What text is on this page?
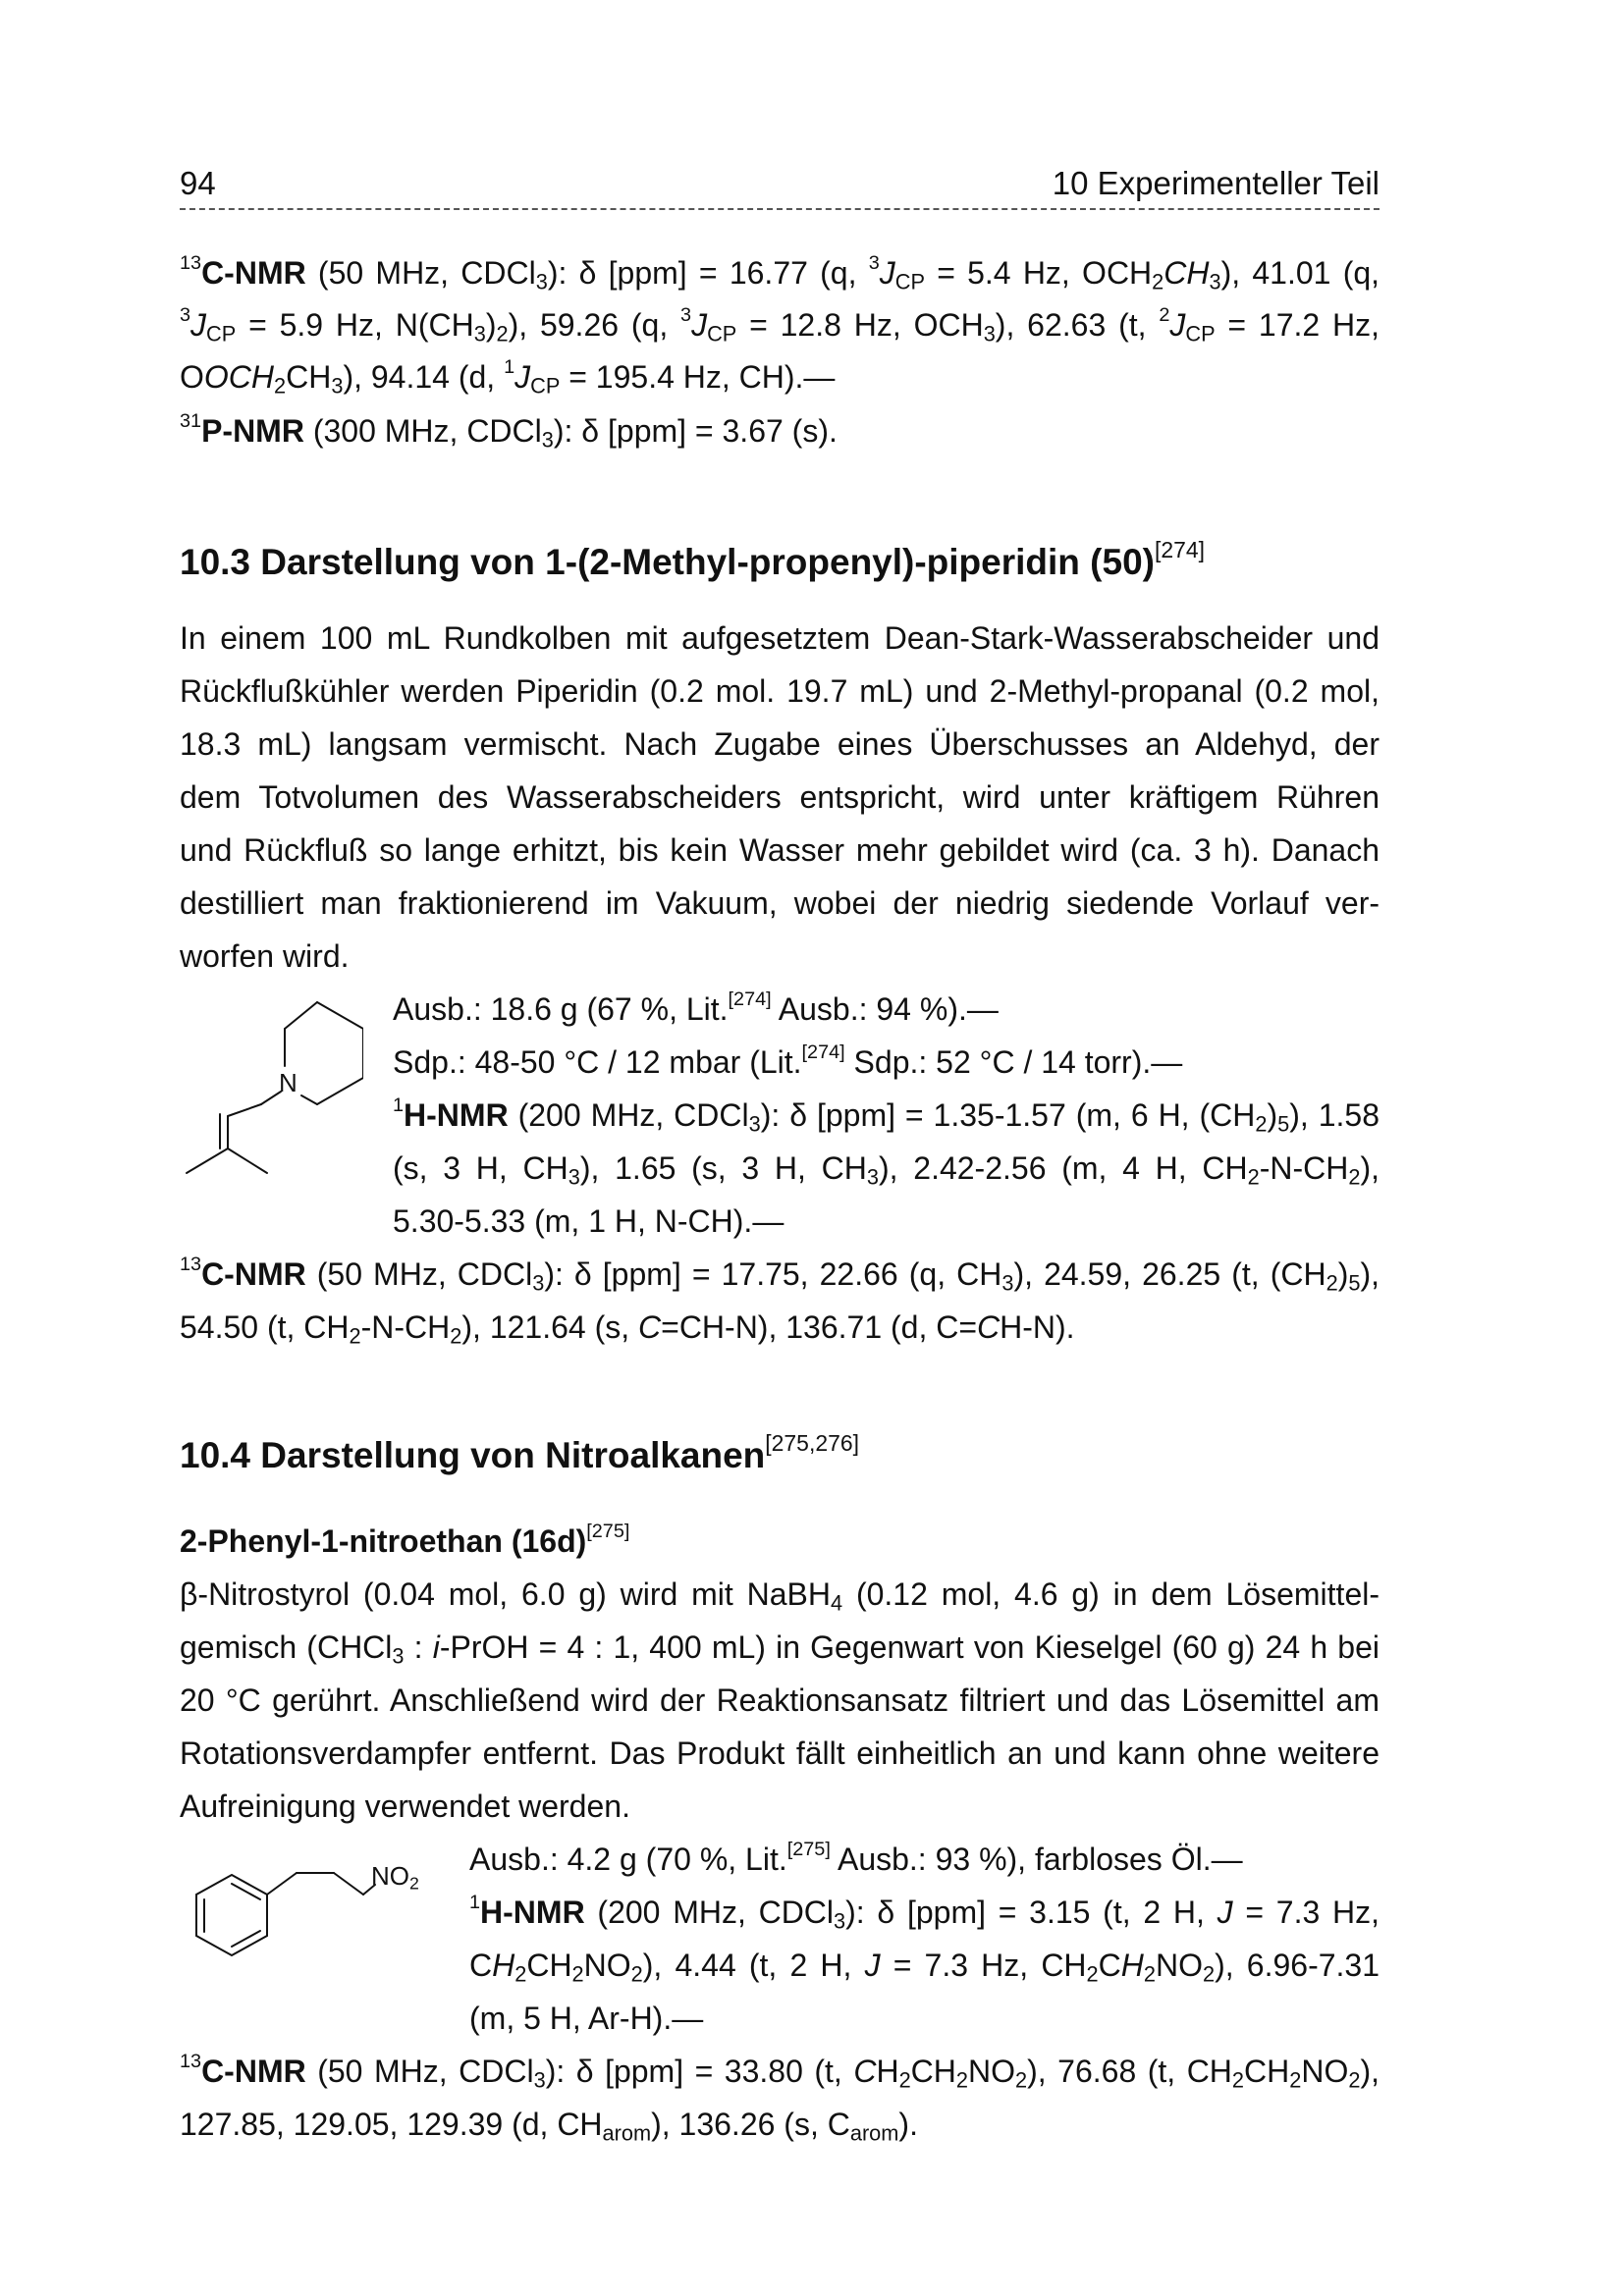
94	10 Experimenteller Teil
$^{13}$C-NMR (50 MHz, CDCl$_3$): δ [ppm] = 16.77 (q, $^3J_{CP} = 5.4$ Hz, $OCH_2CH_3$), 41.01 (q,
$^3J_{CP} = 5.9$ Hz, $N(CH_3)_2$), 59.26 (q, $^3J_{CP} = 12.8$ Hz, $OCH_3$), 62.63 (t, $^2J_{CP} = 17.2$ Hz,
$OOCH_2CH_3$), 94.14 (d, $^1J_{CP} = 195.4$ Hz, CH).—
$^{31}$P-NMR (300 MHz, CDCl$_3$): δ [ppm] = 3.67 (s).
10.3 Darstellung von 1-(2-Methyl-propenyl)-piperidin (50)[274]
In einem 100 mL Rundkolben mit aufgesetztem Dean-Stark-Wasserabscheider und
Rückflußkühler werden Piperidin (0.2 mol. 19.7 mL) und 2-Methyl-propanal (0.2 mol,
18.3 mL) langsam vermischt. Nach Zugabe eines Überschusses an Aldehyd, der
dem Totvolumen des Wasserabscheiders entspricht, wird unter kräftigem Rühren
und Rückfluß so lange erhitzt, bis kein Wasser mehr gebildet wird (ca. 3 h). Danach
destilliert man fraktionierend im Vakuum, wobei der niedrig siedende Vorlauf ver-
worfen wird.
N
Ausb.: 18.6 g (67 %, Lit.[274] Ausb.: 94 %).—
Sdp.: 48-50 °C / 12 mbar (Lit.[274] Sdp.: 52 °C / 14 torr).—
$^1$H-NMR (200 MHz, CDCl$_3$): δ [ppm] = 1.35-1.57 (m, 6 H, $(CH_2)_5$), 1.58
(s, 3 H, $CH_3$), 1.65 (s, 3 H, $CH_3$), 2.42-2.56 (m, 4 H, $CH_2-N-CH_2$),
5.30-5.33 (m, 1 H, N-CH).—
$^{13}$C-NMR (50 MHz, CDCl$_3$): δ [ppm] = 17.75, 22.66 (q, $CH_3$), 24.59, 26.25 (t, $(CH_2)_5$),
54.50 (t, $CH_2-N-CH_2$), 121.64 (s, C=CH-N), 136.71 (d, C=CH-N).
10.4 Darstellung von Nitroalkanen[275,276]
2-Phenyl-1-nitroethan (16d)[275]
β-Nitrostyrol (0.04 mol, 6.0 g) wird mit NaBH$_4$ (0.12 mol, 4.6 g) in dem Lösemittel-
gemisch (CHCl$_3$ : i-PrOH = 4 : 1, 400 mL) in Gegenwart von Kieselgel (60 g) 24 h bei
20 °C gerührt. Anschließend wird der Reaktionsansatz filtriert und das Lösemittel am
Rotationsverdampfer entfernt. Das Produkt fällt einheitlich an und kann ohne weitere
Aufreinigung verwendet werden.
$NO_2$
Ausb.: 4.2 g (70 %, Lit.[275] Ausb.: 93 %), farbloses Öl.—
$^1$H-NMR (200 MHz, CDCl$_3$): δ [ppm] = 3.15 (t, 2 H, J = 7.3 Hz,
$CH_2CH_2NO_2$), 4.44 (t, 2 H, J = 7.3 Hz, $CH_2CH_2NO_2$), 6.96-7.31
(m, 5 H, Ar-H).—
$^{13}$C-NMR (50 MHz, CDCl$_3$): δ [ppm] = 33.80 (t, $CH_2CH_2NO_2$), 76.68 (t, $CH_2CH_2NO_2$),
127.85, 129.05, 129.39 (d, $CH_{arom}$), 136.26 (s, $C_{arom}$).
